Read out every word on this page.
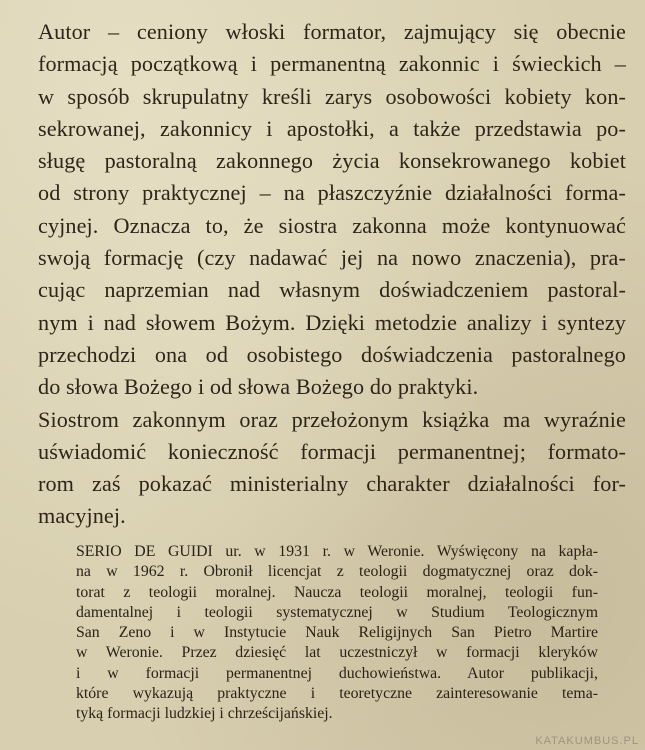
Autor – ceniony włoski formator, zajmujący się obecnie
formacją początkową i permanentną zakonnic i świeckich –
w sposób skrupulatny kreśli zarys osobowości kobiety kon-
sekrowanej, zakonnicy i apostołki, a także przedstawia po-
sługę pastoralną zakonnego życia konsekrowanego kobiet
od strony praktycznej – na płaszczyźnie działalności forma-
cyjnej. Oznacza to, że siostra zakonna może kontynuować
swoją formację (czy nadawać jej na nowo znaczenia), pra-
cując naprzemian nad własnym doświadczeniem pastoral-
nym i nad słowem Bożym. Dzięki metodzie analizy i syntezy
przechodzi ona od osobistego doświadczenia pastoralnego
do słowa Bożego i od słowa Bożego do praktyki.
Siostrom zakonnym oraz przełożonym książka ma wyraźnie
uświadomić konieczność formacji permanentnej; formato-
rom zaś pokazać ministerialny charakter działalności for-
macyjnej.
SERIO DE GUIDI ur. w 1931 r. w Weronie. Wyświęcony na kapła-
na w 1962 r. Obronił licencjat z teologii dogmatycznej oraz dok-
torat z teologii moralnej. Naucza teologii moralnej, teologii fun-
damentalnej i teologii systematycznej w Studium Teologicznym
San Zeno i w Instytucie Nauk Religijnych San Pietro Martire
w Weronie. Przez dziesięć lat uczestniczył w formacji kleryków
i w formacji permanentnej duchowieństwa. Autor publikacji,
które wykazują praktyczne i teoretyczne zainteresowanie tema-
tyką formacji ludzkiej i chrześcijańskiej.
KATAKUMBUS.PL
